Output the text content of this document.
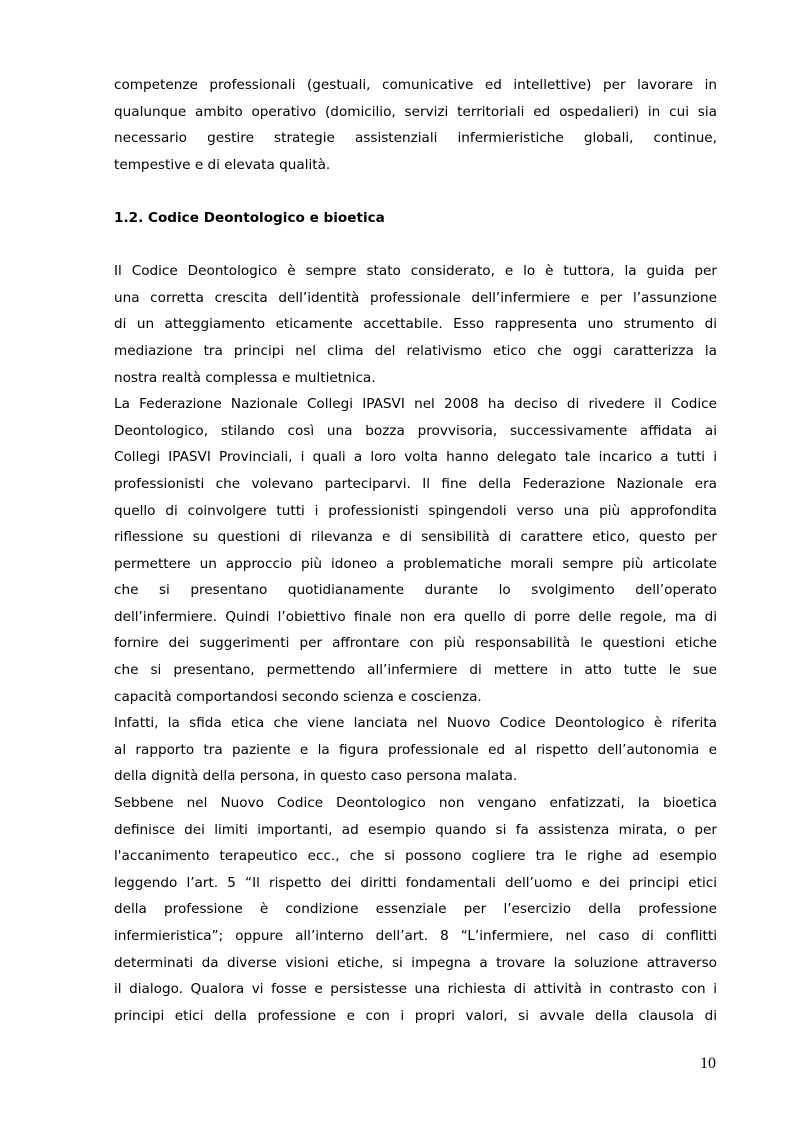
competenze professionali (gestuali, comunicative ed intellettive) per lavorare in
qualunque ambito operativo (domicilio, servizi territoriali ed ospedalieri) in cui sia
necessario gestire strategie assistenziali infermieristiche globali, continue,
tempestive e di elevata qualità.
1.2. Codice Deontologico e bioetica
Il Codice Deontologico è sempre stato considerato, e lo è tuttora, la guida per
una corretta crescita dell’identità professionale dell’infermiere e per l’assunzione
di un atteggiamento eticamente accettabile. Esso rappresenta uno strumento di
mediazione tra principi nel clima del relativismo etico che oggi caratterizza la
nostra realtà complessa e multietnica.
La Federazione Nazionale Collegi IPASVI nel 2008 ha deciso di rivedere il Codice
Deontologico, stilando così una bozza provvisoria, successivamente affidata ai
Collegi IPASVI Provinciali, i quali a loro volta hanno delegato tale incarico a tutti i
professionisti che volevano parteciparvi. Il fine della Federazione Nazionale era
quello di coinvolgere tutti i professionisti spingendoli verso una più approfondita
riflessione su questioni di rilevanza e di sensibilità di carattere etico, questo per
permettere un approccio più idoneo a problematiche morali sempre più articolate
che si presentano quotidianamente durante lo svolgimento dell’operato
dell’infermiere. Quindi l’obiettivo finale non era quello di porre delle regole, ma di
fornire dei suggerimenti per affrontare con più responsabilità le questioni etiche
che si presentano, permettendo all’infermiere di mettere in atto tutte le sue
capacità comportandosi secondo scienza e coscienza.
Infatti, la sfida etica che viene lanciata nel Nuovo Codice Deontologico è riferita
al rapporto tra paziente e la figura professionale ed al rispetto dell’autonomia e
della dignità della persona, in questo caso persona malata.
Sebbene nel Nuovo Codice Deontologico non vengano enfatizzati, la bioetica
definisce dei limiti importanti, ad esempio quando si fa assistenza mirata, o per
l'accanimento terapeutico ecc., che si possono cogliere tra le righe ad esempio
leggendo l’art. 5 “Il rispetto dei diritti fondamentali dell’uomo e dei principi etici
della professione è condizione essenziale per l’esercizio della professione
infermieristica”; oppure all’interno dell’art. 8 “L’infermiere, nel caso di conflitti
determinati da diverse visioni etiche, si impegna a trovare la soluzione attraverso
il dialogo. Qualora vi fosse e persistesse una richiesta di attività in contrasto con i
principi etici della professione e con i propri valori, si avvale della clausola di
10
